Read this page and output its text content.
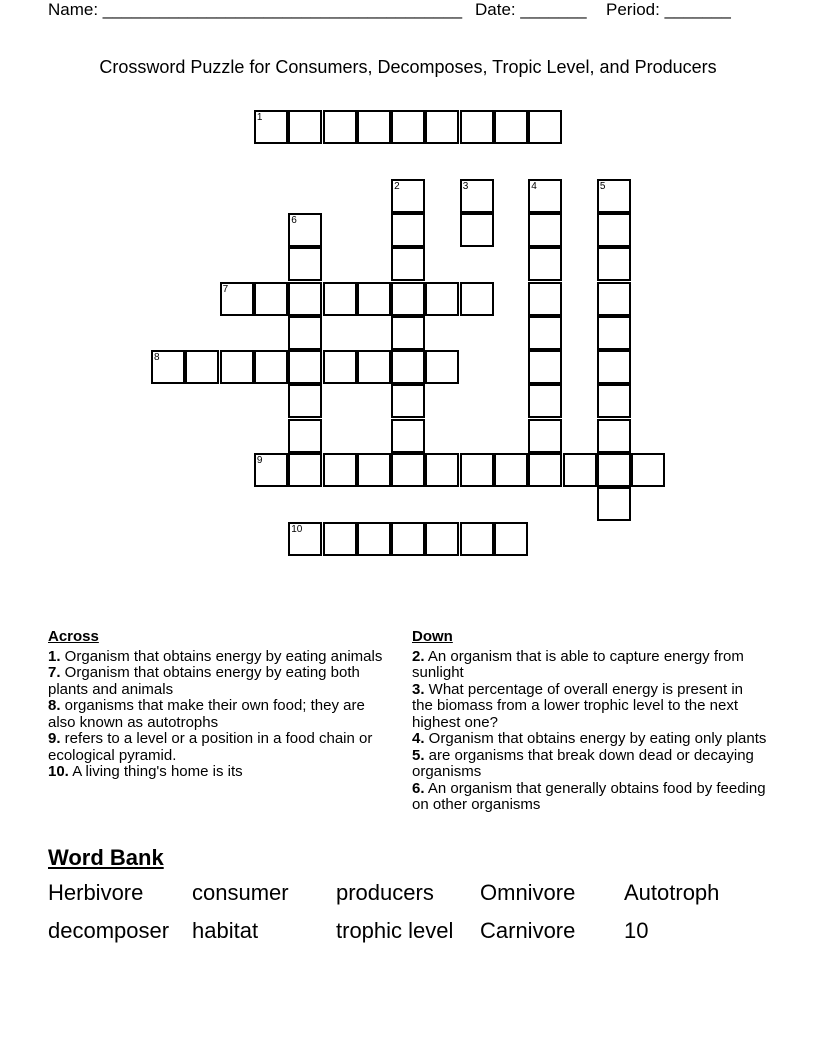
Name: ______________________________________ Date: _______ Period: _______
Crossword Puzzle for Consumers, Decomposes, Tropic Level, and Producers
1
2	3	4	5
6
7
8
9
10
Across
1. Organism that obtains energy by eating animals
7. Organism that obtains energy by eating both plants and animals
8. organisms that make their own food; they are also known as autotrophs
9. refers to a level or a position in a food chain or ecological pyramid.
10. A living thing's home is its
Down
2. An organism that is able to capture energy from sunlight
3. What percentage of overall energy is present in the biomass from a lower trophic level to the next highest one?
4. Organism that obtains energy by eating only plants
5. are organisms that break down dead or decaying organisms
6. An organism that generally obtains food by feeding on other organisms
Word Bank
Herbivore consumer producers Omnivore Autotroph
decomposer habitat	trophic level Carnivore 10
